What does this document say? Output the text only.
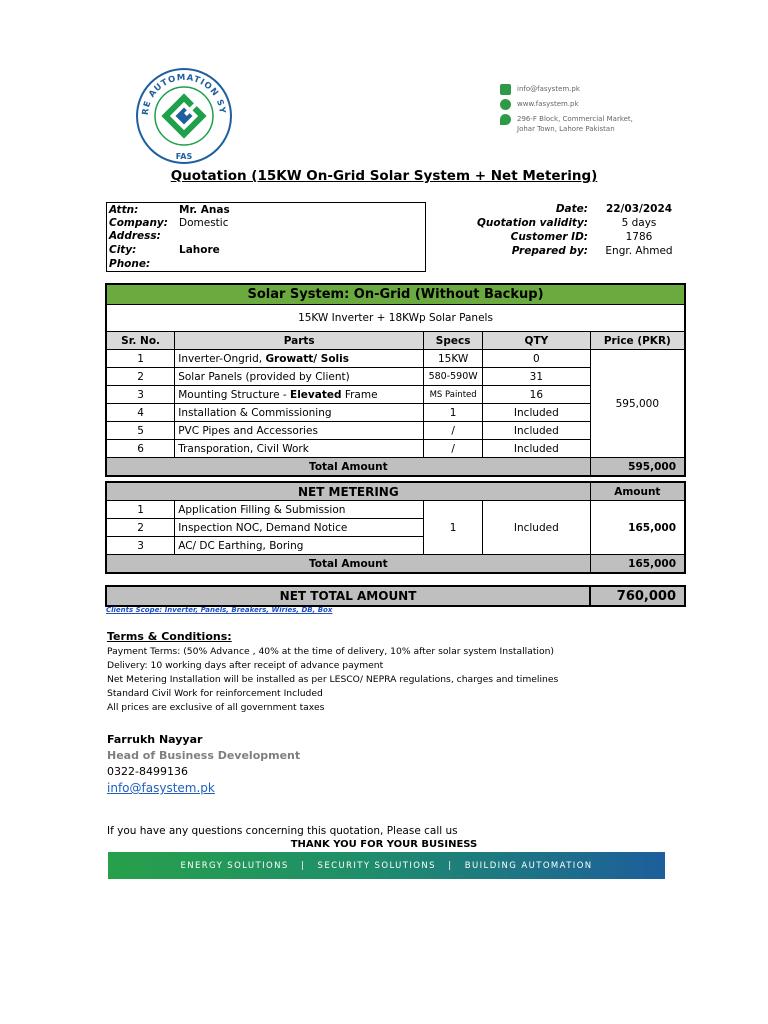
RE AUTOMATION SY
FAS
info@fasystem.pk
www.fasystem.pk
296-F Block, Commercial Market,
Johar Town, Lahore Pakistan
Quotation (15KW On-Grid Solar System + Net Metering)
Attn:	Mr. Anas
Company: Domestic
Address:
City:	Lahore
Phone:
Date:	22/03/2024
Quotation validity:	5 days
Customer ID:	1786
Prepared by:	Engr. Ahmed
Solar System: On-Grid (Without Backup)				
15KW Inverter + 18KWp Solar Panels				
Sr. No.	Parts	Specs	QTY	Price (PKR)
1	Inverter-Ongrid, Growatt/ Solis	15KW	0	595,000
2	Solar Panels (provided by Client)	580-590W	31	
3	Mounting Structure - Elevated Frame	MS Painted	16	
4	Installation & Commissioning	1	Included	
5	PVC Pipes and Accessories	/	Included	
6	Transporation, Civil Work	/	Included	
Total Amount				595,000
NET METERING				Amount
1	Application Filling & Submission	1	Included	165,000
2	Inspection NOC, Demand Notice			
3	AC/ DC Earthing, Boring			
Total Amount				165,000
NET TOTAL AMOUNT	760,000
Clients Scope: Inverter, Panels, Breakers, Wiries, DB, Box
Terms & Conditions:
Payment Terms: (50% Advance , 40% at the time of delivery, 10% after solar system Installation)
Delivery: 10 working days after receipt of advance payment
Net Metering Installation will be installed as per LESCO/ NEPRA regulations, charges and timelines
Standard Civil Work for reinforcement Included
All prices are exclusive of all government taxes
Farrukh Nayyar
Head of Business Development
0322-8499136
info@fasystem.pk
If you have any questions concerning this quotation, Please call us
THANK YOU FOR YOUR BUSINESS
ENERGY SOLUTIONS   |   SECURITY SOLUTIONS   |   BUILDING AUTOMATION
